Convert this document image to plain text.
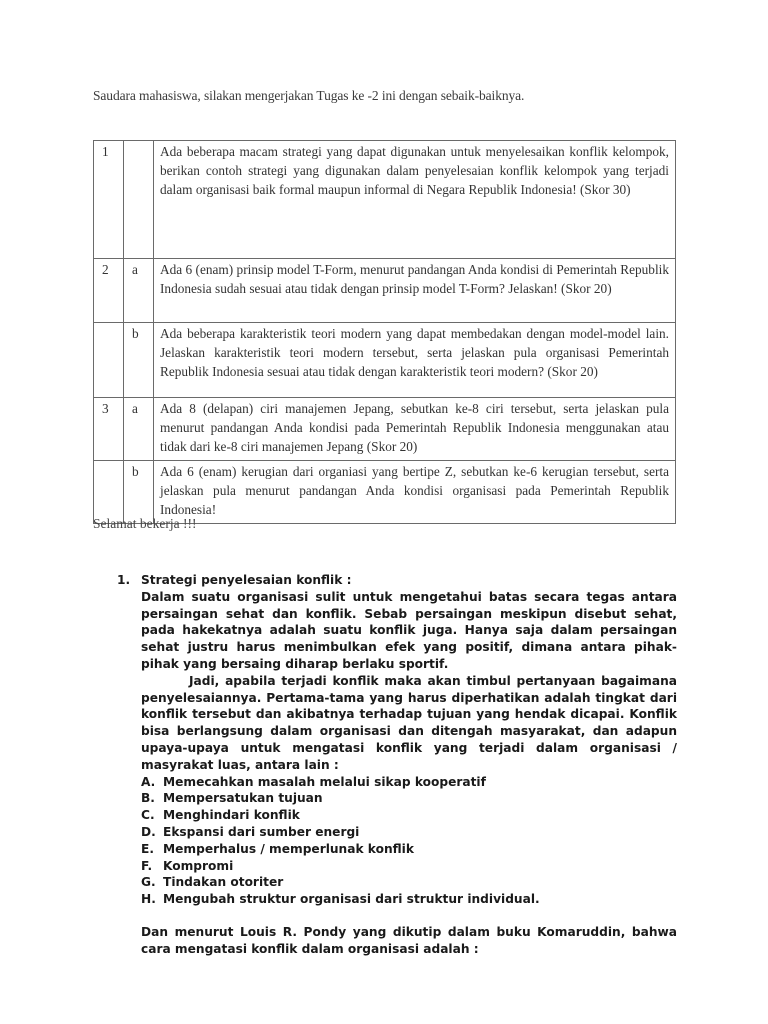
Saudara mahasiswa, silakan mengerjakan Tugas ke -2 ini dengan sebaik-baiknya.
1		Ada beberapa macam strategi yang dapat digunakan untuk menyelesaikan konflik kelompok, berikan contoh strategi yang digunakan dalam penyelesaian konflik kelompok yang terjadi dalam organisasi baik formal maupun informal di Negara Republik Indonesia! (Skor 30)
2	a	Ada 6 (enam) prinsip model T-Form, menurut pandangan Anda kondisi di Pemerintah Republik Indonesia sudah sesuai atau tidak dengan prinsip model T-Form? Jelaskan! (Skor 20)
	b	Ada beberapa karakteristik teori modern yang dapat membedakan dengan model-model lain. Jelaskan karakteristik teori modern tersebut, serta jelaskan pula organisasi Pemerintah Republik Indonesia sesuai atau tidak dengan karakteristik teori modern? (Skor 20)
3	a	Ada 8 (delapan) ciri manajemen Jepang, sebutkan ke-8 ciri tersebut, serta jelaskan pula menurut pandangan Anda kondisi pada Pemerintah Republik Indonesia menggunakan atau tidak dari ke-8 ciri manajemen Jepang (Skor 20)
	b	Ada 6 (enam) kerugian dari organiasi yang bertipe Z, sebutkan ke-6 kerugian tersebut, serta jelaskan pula menurut pandangan Anda kondisi organisasi pada Pemerintah Republik Indonesia!
Selamat bekerja !!!
1. Strategi penyelesaian konflik :
Dalam suatu organisasi sulit untuk mengetahui batas secara tegas antara persaingan sehat dan konflik. Sebab persaingan meskipun disebut sehat, pada hakekatnya adalah suatu konflik juga. Hanya saja dalam persaingan sehat justru harus menimbulkan efek yang positif, dimana antara pihak-pihak yang bersaing diharap berlaku sportif.
Jadi, apabila terjadi konflik maka akan timbul pertanyaan bagaimana penyelesaiannya. Pertama-tama yang harus diperhatikan adalah tingkat dari konflik tersebut dan akibatnya terhadap tujuan yang hendak dicapai. Konflik bisa berlangsung dalam organisasi dan ditengah masyarakat, dan adapun upaya-upaya untuk mengatasi konflik yang terjadi dalam organisasi / masyrakat luas, antara lain :
A. Memecahkan masalah melalui sikap kooperatif
B. Mempersatukan tujuan
C. Menghindari konflik
D. Ekspansi dari sumber energi
E. Memperhalus / memperlunak konflik
F. Kompromi
G. Tindakan otoriter
H. Mengubah struktur organisasi dari struktur individual.
Dan menurut Louis R. Pondy yang dikutip dalam buku Komaruddin, bahwa cara mengatasi konflik dalam organisasi adalah :
